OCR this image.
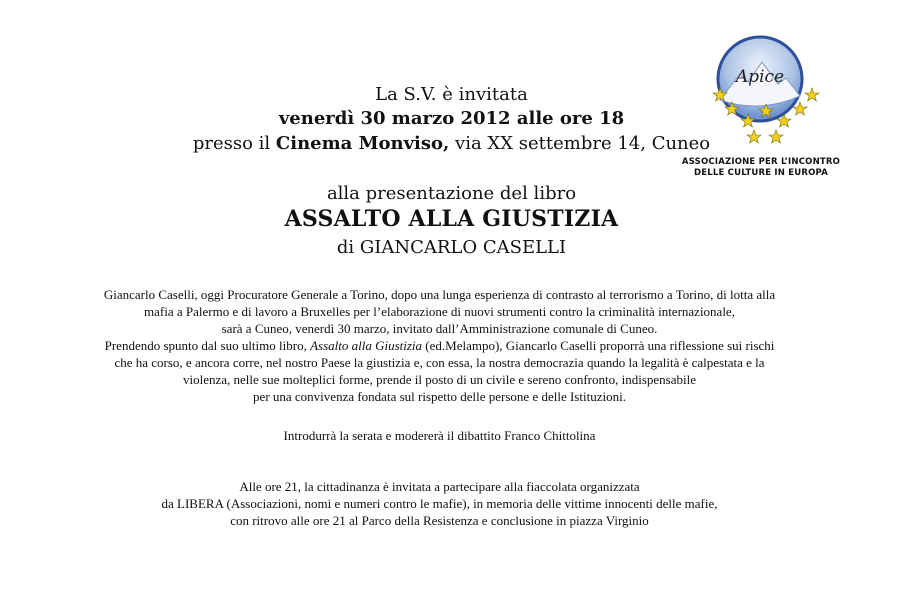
Apice
ASSOCIAZIONE PER L’INCONTRO
DELLE CULTURE IN EUROPA
La S.V. è invitata
venerdì 30 marzo 2012 alle ore 18
presso il Cinema Monviso, via XX settembre 14, Cuneo
alla presentazione del libro
ASSALTO ALLA GIUSTIZIA
di GIANCARLO CASELLI
Giancarlo Caselli, oggi Procuratore Generale a Torino, dopo una lunga esperienza di contrasto al terrorismo a Torino, di lotta alla
mafia a Palermo e di lavoro a Bruxelles per l’elaborazione di nuovi strumenti contro la criminalità internazionale,
sarà a Cuneo, venerdì 30 marzo, invitato dall’Amministrazione comunale di Cuneo.
Prendendo spunto dal suo ultimo libro, Assalto alla Giustizia (ed.Melampo), Giancarlo Caselli proporrà una riflessione sui rischi
che ha corso, e ancora corre, nel nostro Paese la giustizia e, con essa, la nostra democrazia quando la legalità è calpestata e la
violenza, nelle sue molteplici forme, prende il posto di un civile e sereno confronto, indispensabile
per una convivenza fondata sul rispetto delle persone e delle Istituzioni.
Introdurrà la serata e modererà il dibattito Franco Chittolina
Alle ore 21, la cittadinanza è invitata a partecipare alla fiaccolata organizzata
da LIBERA (Associazioni, nomi e numeri contro le mafie), in memoria delle vittime innocenti delle mafie,
con ritrovo alle ore 21 al Parco della Resistenza e conclusione in piazza Virginio
